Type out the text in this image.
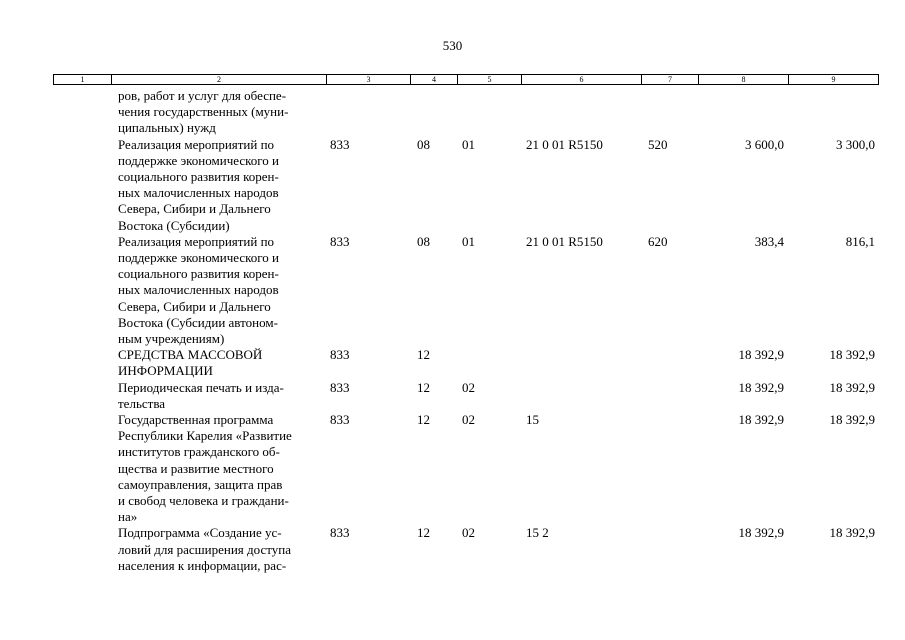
530
1	2	3	4	5	6	7	8	9
ров, работ и услуг для обеспе-
чения государственных (муни-
ципальных) нужд
Реализация мероприятий по
поддержке экономического и
социального развития корен-
ных малочисленных народов
Севера, Сибири и Дальнего
Востока (Субсидии)
833	08 01	21 0 01 R5150	520	3 600,0	3 300,0
Реализация мероприятий по
поддержке экономического и
социального развития корен-
ных малочисленных народов
Севера, Сибири и Дальнего
Востока (Субсидии автоном-
ным учреждениям)
833	08 01	21 0 01 R5150	620	383,4	816,1
СРЕДСТВА МАССОВОЙ
ИНФОРМАЦИИ
833	12	18 392,9	18 392,9
Периодическая печать и изда-
тельства
833	12 02	18 392,9	18 392,9
Государственная программа
Республики Карелия «Развитие
институтов гражданского об-
щества и развитие местного
самоуправления, защита прав
и свобод человека и граждани-
на»
833	12 02	15	18 392,9	18 392,9
Подпрограмма «Создание ус-
ловий для расширения доступа
населения к информации, рас-
833	12 02	15 2	18 392,9	18 392,9
